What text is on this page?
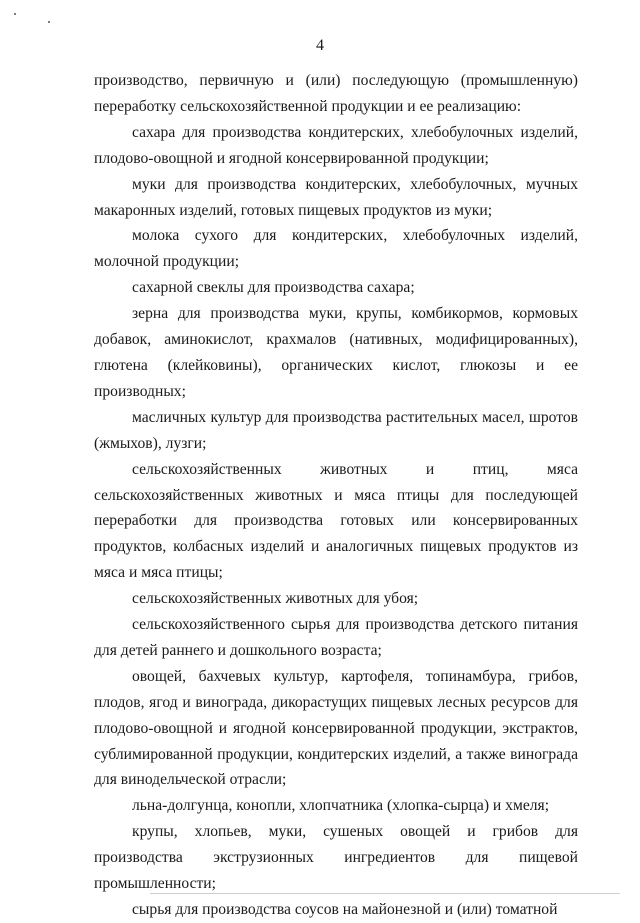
4

производство, первичную и (или) последующую (промышленную) переработку сельскохозяйственной продукции и ее реализацию:

сахара для производства кондитерских, хлебобулочных изделий, плодово-овощной и ягодной консервированной продукции;

муки для производства кондитерских, хлебобулочных, мучных макаронных изделий, готовых пищевых продуктов из муки;

молока сухого для кондитерских, хлебобулочных изделий, молочной продукции;

сахарной свеклы для производства сахара;

зерна для производства муки, крупы, комбикормов, кормовых добавок, аминокислот, крахмалов (нативных, модифицированных), глютена (клейковины), органических кислот, глюкозы и ее производных;

масличных культур для производства растительных масел, шротов (жмыхов), лузги;

сельскохозяйственных животных и птиц, мяса сельскохозяйственных животных и мяса птицы для последующей переработки для производства готовых или консервированных продуктов, колбасных изделий и аналогичных пищевых продуктов из мяса и мяса птицы;

сельскохозяйственных животных для убоя;

сельскохозяйственного сырья для производства детского питания для детей раннего и дошкольного возраста;

овощей, бахчевых культур, картофеля, топинамбура, грибов, плодов, ягод и винограда, дикорастущих пищевых лесных ресурсов для плодово-овощной и ягодной консервированной продукции, экстрактов, сублимированной продукции, кондитерских изделий, а также винограда для винодельческой отрасли;

льна-долгунца, конопли, хлопчатника (хлопка-сырца) и хмеля;

крупы, хлопьев, муки, сушеных овощей и грибов для производства экструзионных ингредиентов для пищевой промышленности;

сырья для производства соусов на майонезной и (или) томатной
